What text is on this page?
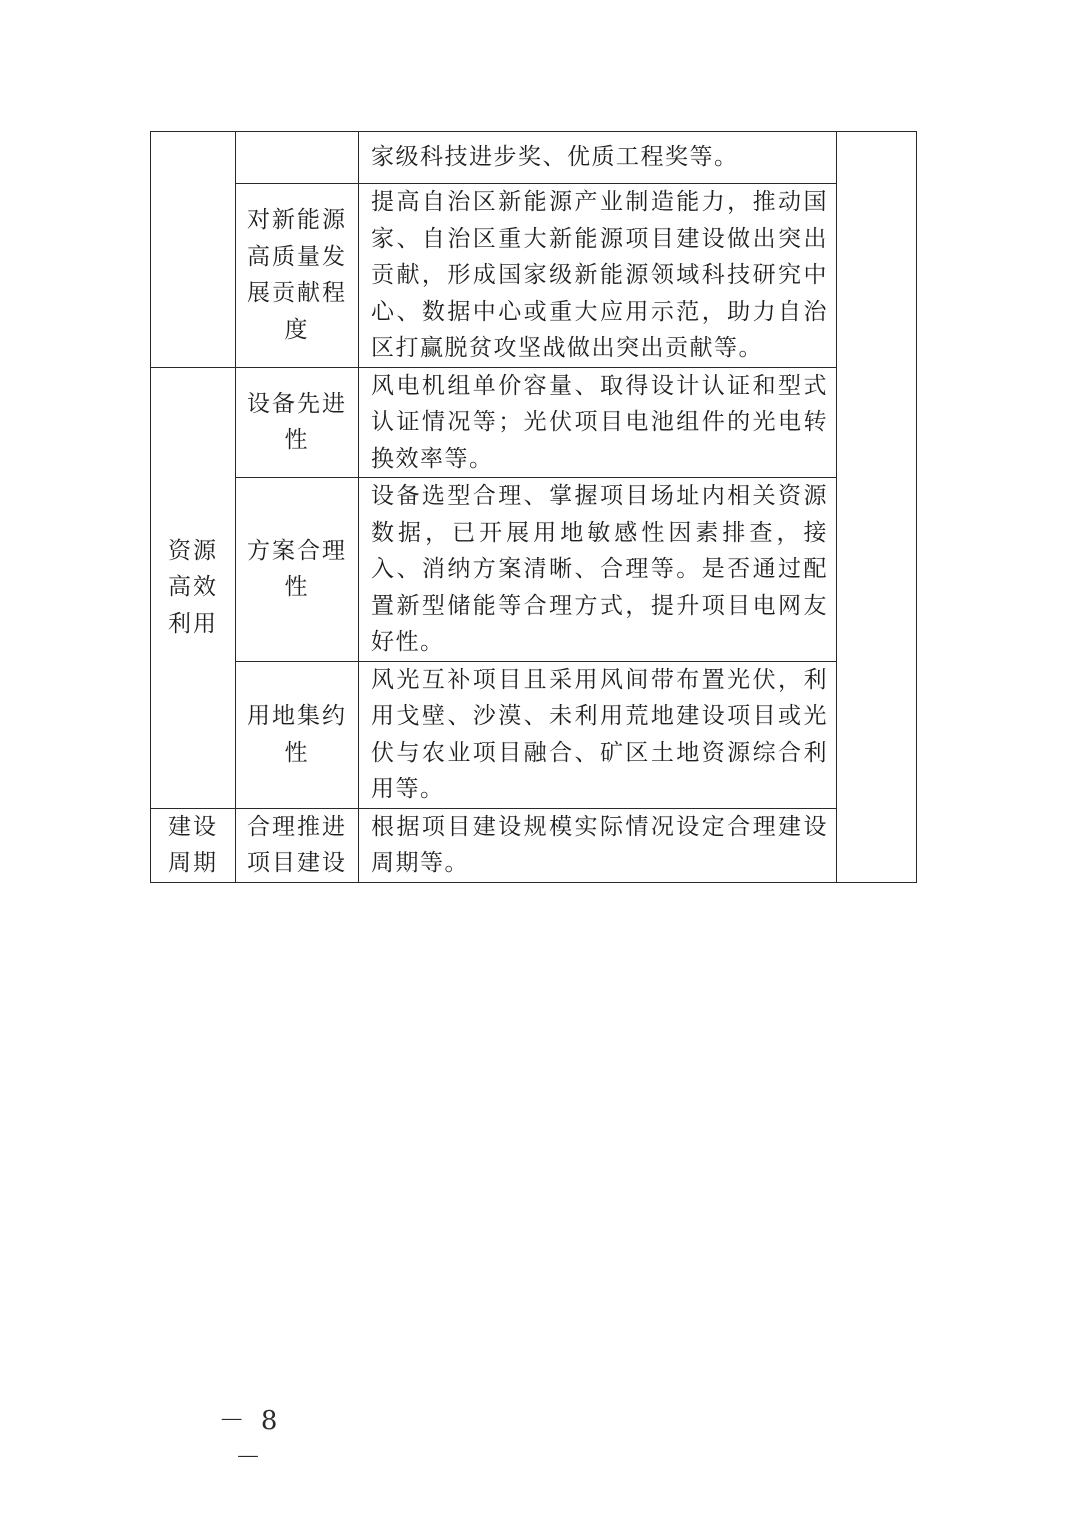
		家级科技进步奖、优质工程奖等。	
	对新能源高质量发展贡献程度	提高自治区新能源产业制造能力，推动国家、自治区重大新能源项目建设做出突出贡献，形成国家级新能源领域科技研究中心、数据中心或重大应用示范，助力自治区打赢脱贫攻坚战做出突出贡献等。	
资源高效利用	设备先进性	风电机组单价容量、取得设计认证和型式认证情况等；光伏项目电池组件的光电转换效率等。	
	方案合理性	设备选型合理、掌握项目场址内相关资源数据，已开展用地敏感性因素排查，接入、消纳方案清晰、合理等。是否通过配置新型储能等合理方式，提升项目电网友好性。	
	用地集约性	风光互补项目且采用风间带布置光伏，利用戈壁、沙漠、未利用荒地建设项目或光伏与农业项目融合、矿区土地资源综合利用等。	
建设周期	合理推进项目建设	根据项目建设规模实际情况设定合理建设周期等。	
－ 8 －
